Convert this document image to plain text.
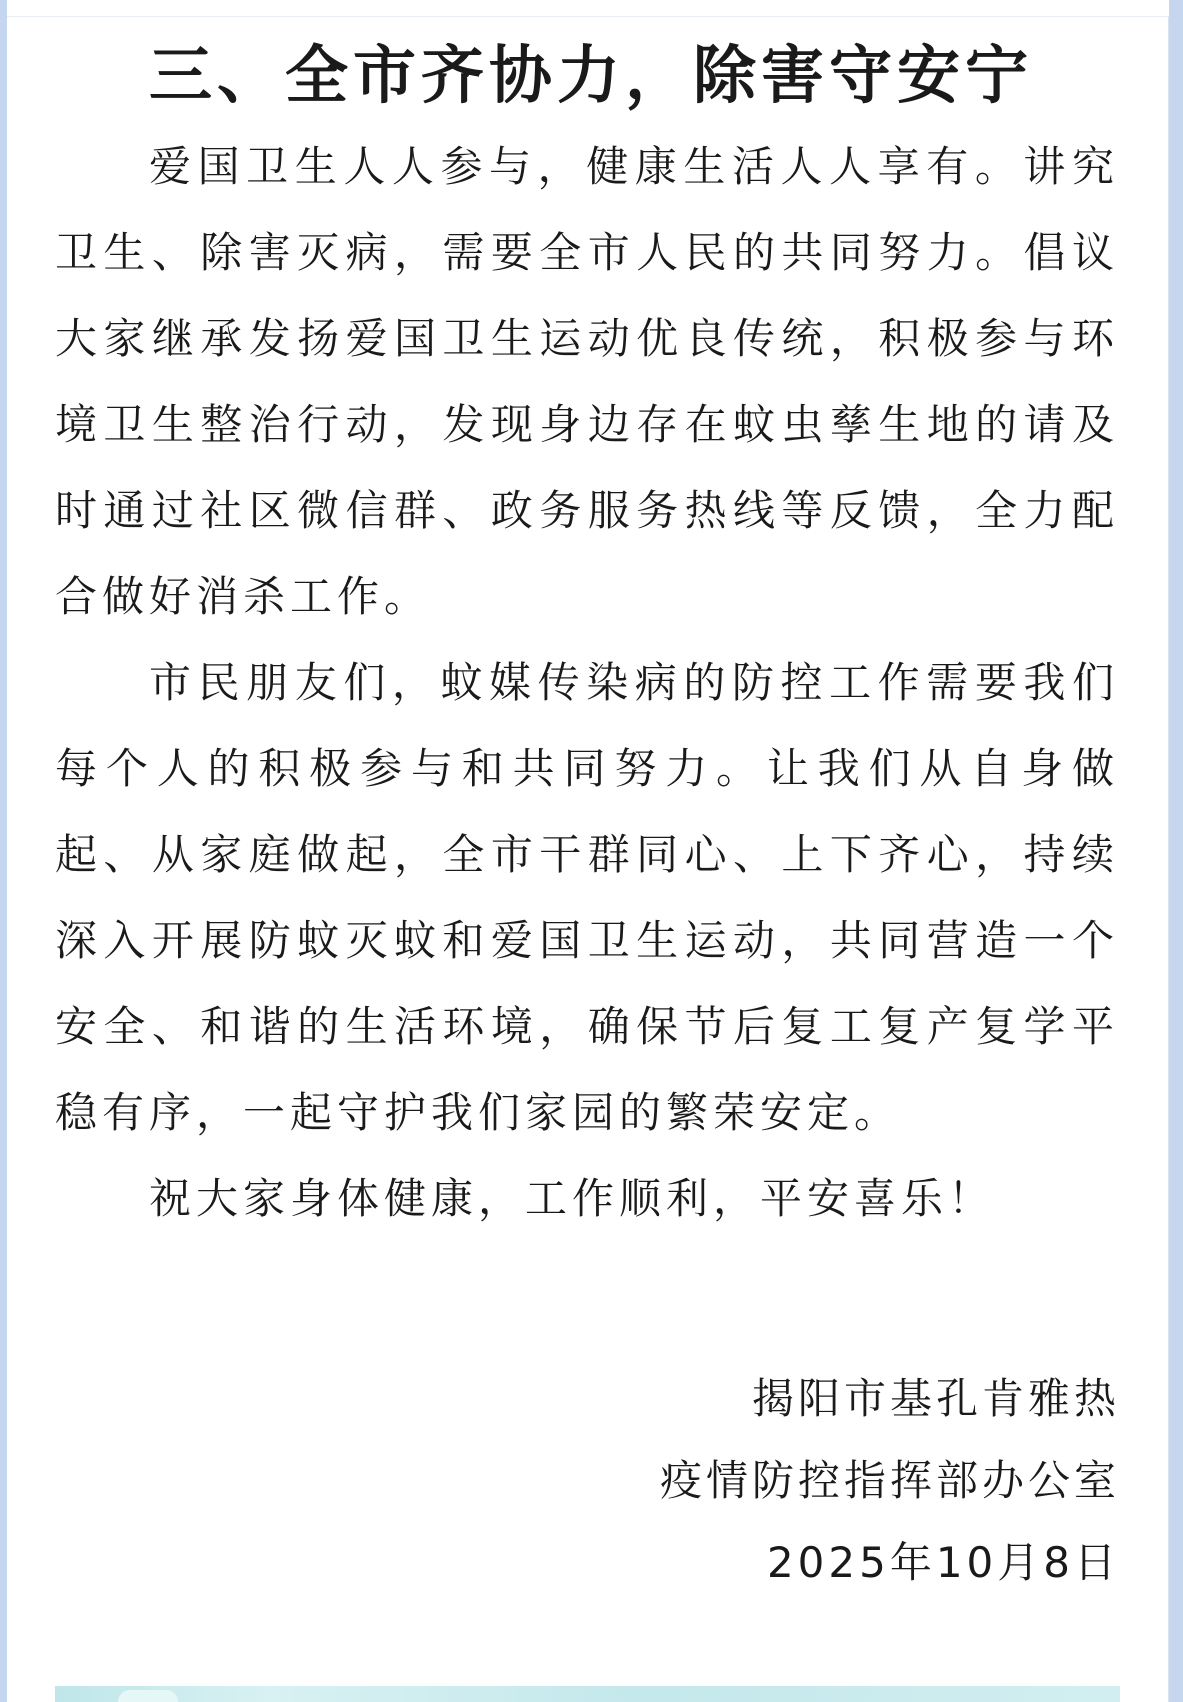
三、全市齐协力，除害守安宁

爱国卫生人人参与，健康生活人人享有。讲究卫生、除害灭病，需要全市人民的共同努力。倡议大家继承发扬爱国卫生运动优良传统，积极参与环境卫生整治行动，发现身边存在蚊虫孳生地的请及时通过社区微信群、政务服务热线等反馈，全力配合做好消杀工作。

市民朋友们，蚊媒传染病的防控工作需要我们每个人的积极参与和共同努力。让我们从自身做起、从家庭做起，全市干群同心、上下齐心，持续深入开展防蚊灭蚊和爱国卫生运动，共同营造一个安全、和谐的生活环境，确保节后复工复产复学平稳有序，一起守护我们家园的繁荣安定。

祝大家身体健康，工作顺利，平安喜乐！

揭阳市基孔肯雅热
疫情防控指挥部办公室
2025年10月8日
